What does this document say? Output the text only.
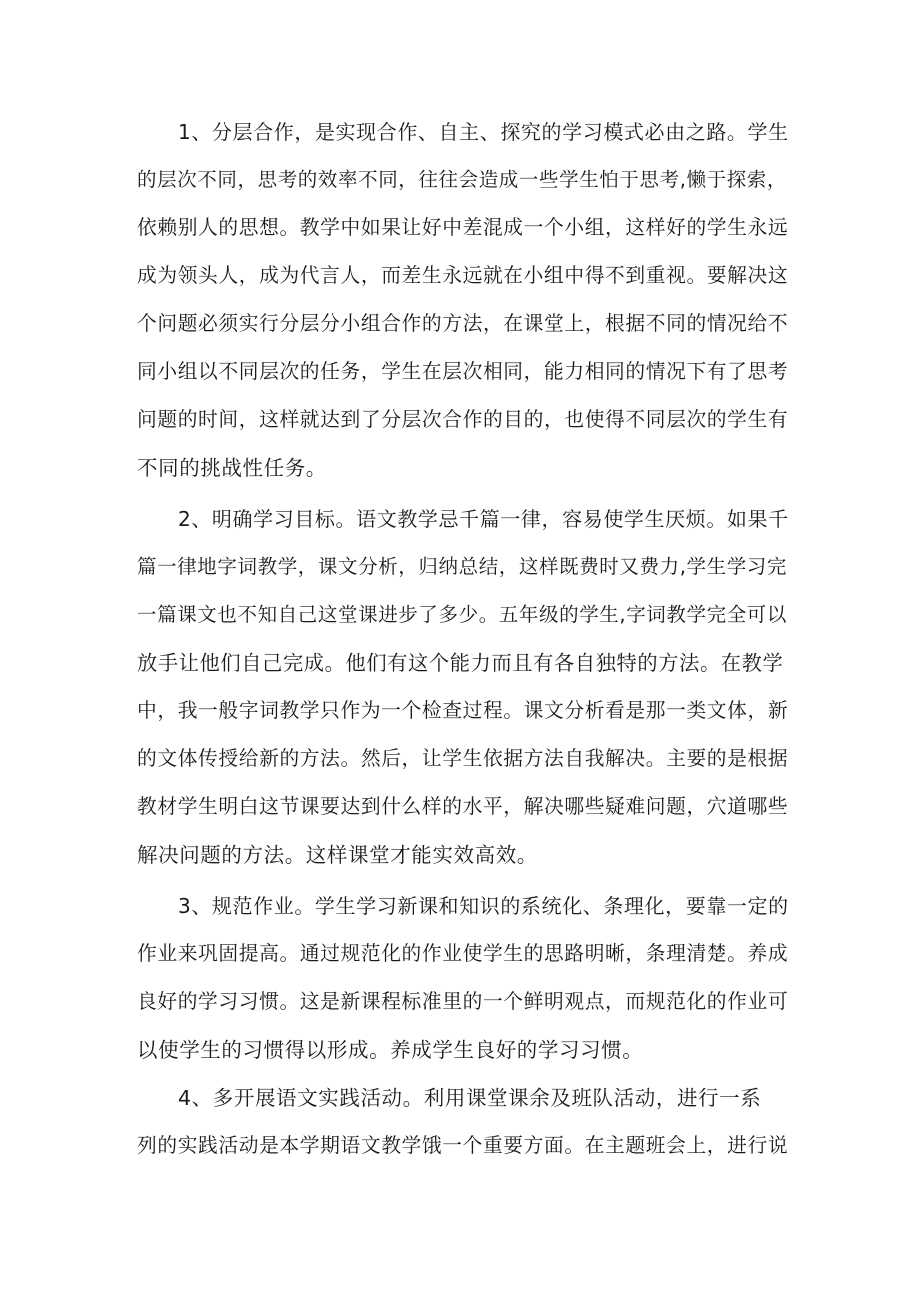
1、分层合作，是实现合作、自主、探究的学习模式必由之路。学生
的层次不同，思考的效率不同，往往会造成一些学生怕于思考,懒于探索，
依赖别人的思想。教学中如果让好中差混成一个小组，这样好的学生永远
成为领头人，成为代言人，而差生永远就在小组中得不到重视。要解决这
个问题必须实行分层分小组合作的方法，在课堂上，根据不同的情况给不
同小组以不同层次的任务，学生在层次相同，能力相同的情况下有了思考
问题的时间，这样就达到了分层次合作的目的，也使得不同层次的学生有
不同的挑战性任务。
2、明确学习目标。语文教学忌千篇一律，容易使学生厌烦。如果千
篇一律地字词教学，课文分析，归纳总结，这样既费时又费力,学生学习完
一篇课文也不知自己这堂课进步了多少。五年级的学生,字词教学完全可以
放手让他们自己完成。他们有这个能力而且有各自独特的方法。在教学
中，我一般字词教学只作为一个检查过程。课文分析看是那一类文体，新
的文体传授给新的方法。然后，让学生依据方法自我解决。主要的是根据
教材学生明白这节课要达到什么样的水平，解决哪些疑难问题，穴道哪些
解决问题的方法。这样课堂才能实效高效。
3、规范作业。学生学习新课和知识的系统化、条理化，要靠一定的
作业来巩固提高。通过规范化的作业使学生的思路明晰，条理清楚。养成
良好的学习习惯。这是新课程标准里的一个鲜明观点，而规范化的作业可
以使学生的习惯得以形成。养成学生良好的学习习惯。
4、多开展语文实践活动。利用课堂课余及班队活动，进行一系
列的实践活动是本学期语文教学饿一个重要方面。在主题班会上，进行说
